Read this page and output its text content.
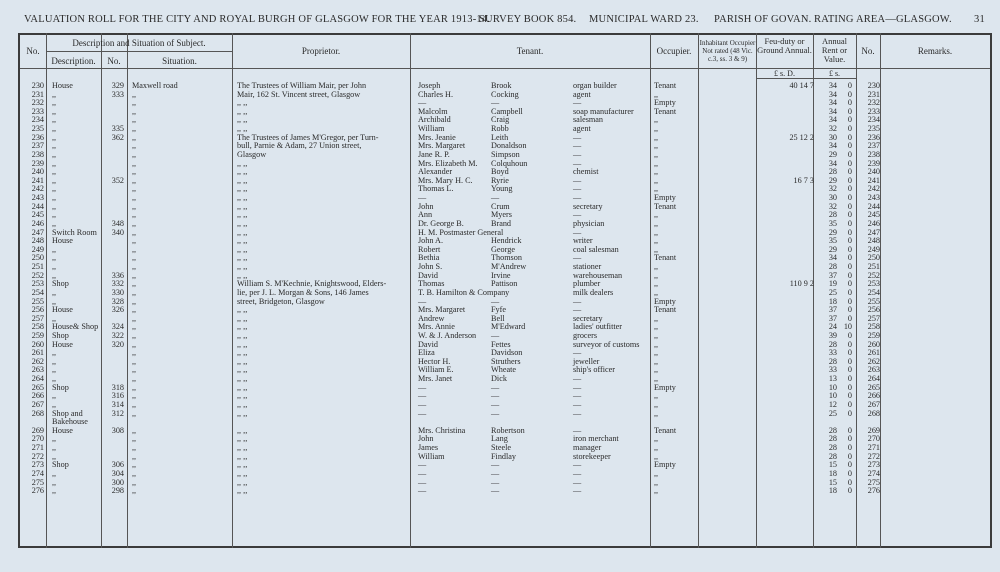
VALUATION ROLL FOR THE CITY AND ROYAL BURGH OF GLASGOW FOR THE YEAR 1913-14.
SURVEY BOOK 854. MUNICIPAL WARD 23. PARISH OF GOVAN. RATING AREA—GLASGOW. 31
No.
Description and Situation of Subject.
Description.	No.	Situation.
Proprietor.	Tenant.	Occupier.
Inhabitant Occupier Not rated (48 Vic. c.3, ss. 3 & 9)
Feu-duty or Ground Annual.
Annual Rent or Value.
No.	Remarks.
£ s. D.	£ s.
230 House	329 Maxwell road	The Trustees of William Mair, per John	Joseph	Brook	organ builder	Tenant	40 14 7	34	0	230
231 ,,	333 ,,	Mair, 162 St. Vincent street, Glasgow	Charles H.	Cocking	agent	,,	34	0	231
232 ,,	,,	,, ,,	—	—	—	Empty	34	0	232
233 ,,	,,	,, ,,	Malcolm	Campbell	soap manufacturer	Tenant	34	0	233
234 ,,	,,	,, ,,	Archibald	Craig	salesman	,,	34	0	234
235 ,,	335 ,,	,, ,,	William	Robb	agent	,,	32	0	235
236 ,,	362 ,,	The Trustees of James M'Gregor, per Turn-	Mrs. Jeanie	Leith	—	,,	25 12 2	30	0	236
237 ,,	,,	bull, Parnie & Adam, 27 Union street,	Mrs. Margaret	Donaldson	—	,,	34	0	237
238 ,,	,,	Glasgow	Jane R. P.	Simpson	—	,,	29	0	238
239 ,,	,,	,, ,,	Mrs. Elizabeth M.	Colquhoun	—	,,	34	0	239
240 ,,	,,	,, ,,	Alexander	Boyd	chemist	,,	28	0	240
241 ,,	352 ,,	,, ,,	Mrs. Mary H. C.	Ryrie	—	,,	16 7 3	29	0	241
242 ,,	,,	,, ,,	Thomas L.	Young	—	,,	32	0	242
243 ,,	,,	,, ,,	—	—	—	Empty	30	0	243
244 ,,	,,	,, ,,	John	Crum	secretary	Tenant	32	0	244
245 ,,	,,	,, ,,	Ann	Myers	—	,,	28	0	245
246 ,,	348 ,,	,, ,,	Dr. George B.	Brand	physician	,,	35	0	246
247 Switch Room	340 ,,	,, ,,	H. M. Postmaster General	—	,,	29	0	247
248 House	,,	,, ,,	John A.	Hendrick	writer	,,	35	0	248
249 ,,	,,	,, ,,	Robert	George	coal salesman	,,	29	0	249
250 ,,	,,	,, ,,	Bethia	Thomson	—	Tenant	34	0	250
251 ,,	,,	,, ,,	John S.	M'Andrew	stationer	,,	28	0	251
252 ,,	336 ,,	,, ,,	David	Irvine	warehouseman	,,	37	0	252
253 Shop	332 ,,	William S. M'Kechnie, Knightswood, Elders-	Thomas	Pattison	plumber	,,	110 9 2	19	0	253
254 ,,	330 ,,	lie, per J. L. Morgan & Sons, 146 James	T. B. Hamilton & Company	milk dealers	,,	25	0	254
255 ,,	328 ,,	street, Bridgeton, Glasgow	—	—	—	Empty	18	0	255
256 House	326 ,,	,, ,,	Mrs. Margaret	Fyfe	—	Tenant	37	0	256
257 ,,	,,	,, ,,	Andrew	Bell	secretary	,,	37	0	257
258 House& Shop	324 ,,	,, ,,	Mrs. Annie	M'Edward	ladies' outfitter	,,	24 10	258
259 Shop	322 ,,	,, ,,	W. & J. Anderson	—	grocers	,,	39	0	259
260 House	320 ,,	,, ,,	David	Fettes	surveyor of customs	,,	28	0	260
261 ,,	,,	,, ,,	Eliza	Davidson	—	,,	33	0	261
262 ,,	,,	,, ,,	Hector H.	Struthers	jeweller	,,	28	0	262
263 ,,	,,	,, ,,	William E.	Wheate	ship's officer	,,	33	0	263
264 ,,	,,	,, ,,	Mrs. Janet	Dick	—	,,	13	0	264
265 Shop	318 ,,	,, ,,	—	—	—	Empty	10	0	265
266 ,,	316 ,,	,, ,,	—	—	—	,,	10	0	266
267 ,,	314 ,,	,, ,,	—	—	—	,,	12	0	267
268 Shop and	312 ,,	,, ,,	—	—	—	,,	25	0	268
Bakehouse
269 House	308 ,,	,, ,,	Mrs. Christina	Robertson	—	Tenant	28	0	269
270 ,,	,,	,, ,,	John	Lang	iron merchant	,,	28	0	270
271 ,,	,,	,, ,,	James	Steele	manager	,,	28	0	271
272 ,,	,,	,, ,,	William	Findlay	storekeeper	,,	28	0	272
273 Shop	306 ,,	,, ,,	—	—	—	Empty	15	0	273
274 ,,	304 ,,	,, ,,	—	—	—	,,	18	0	274
275 ,,	300 ,,	,, ,,	—	—	—	,,	15	0	275
276 ,,	298 ,,	,, ,,	—	—	—	,,	18	0	276
